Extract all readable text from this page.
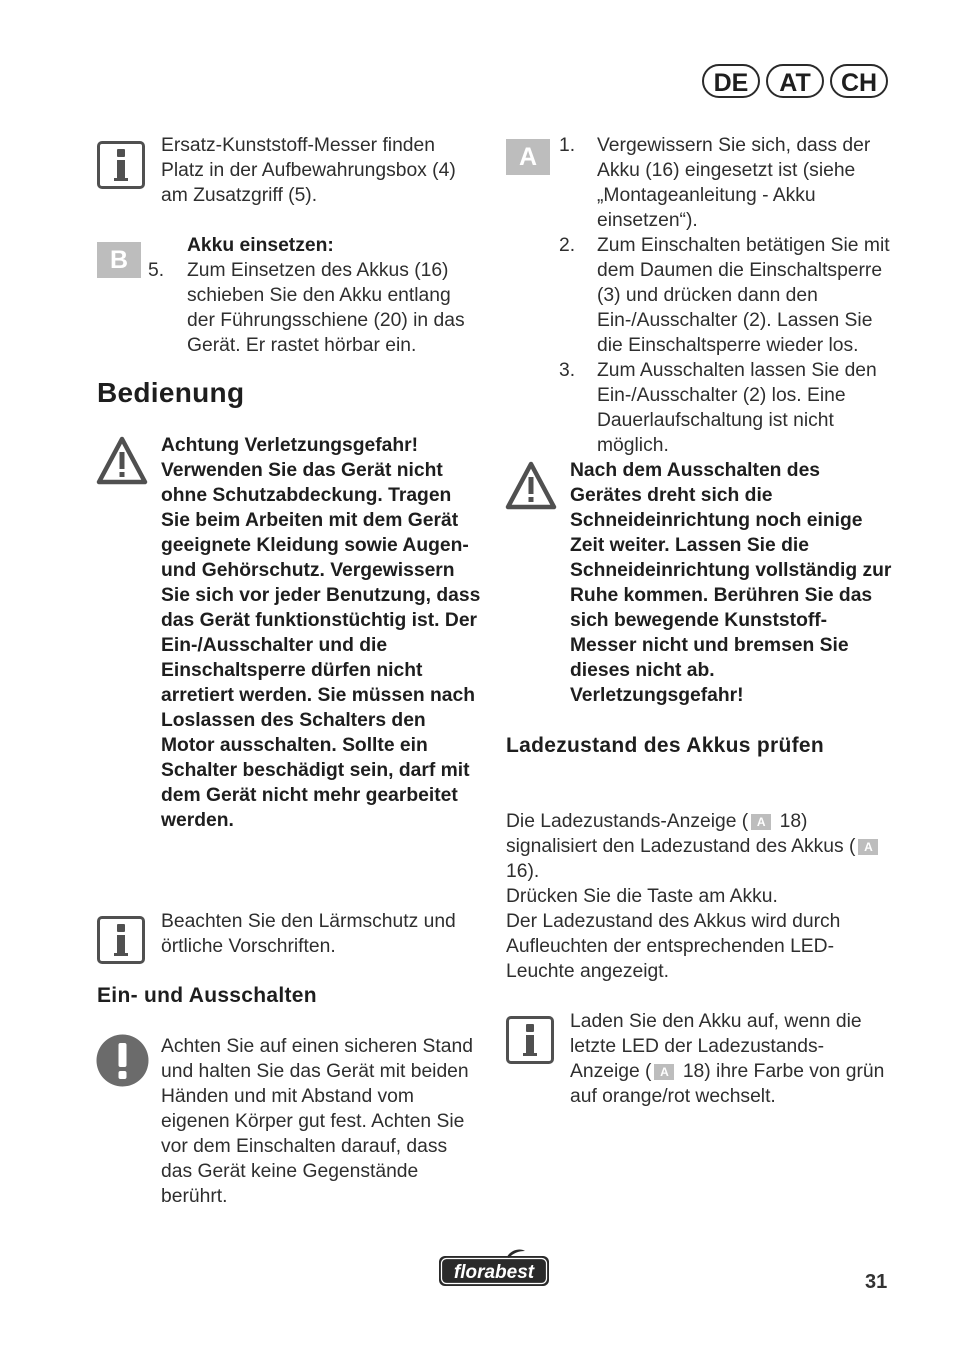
DE	AT	CH
Ersatz-Kunststoff-Messer finden Platz in der Aufbewahrungsbox (4) am Zusatzgriff (5).
B
Akku einsetzen:
5. Zum Einsetzen des Akkus (16) schieben Sie den Akku entlang der Führungsschiene (20) in das Gerät. Er rastet hörbar ein.
Bedienung
Achtung Verletzungsgefahr! Verwenden Sie das Gerät nicht ohne Schutzabdeckung. Tragen Sie beim Arbeiten mit dem Gerät geeignete Kleidung sowie Augen- und Gehörschutz. Vergewissern Sie sich vor jeder Benutzung, dass das Gerät funktionstüchtig ist. Der Ein-/Ausschalter und die Einschaltsperre dürfen nicht arretiert werden. Sie müssen nach Loslassen des Schalters den Motor ausschalten. Sollte ein Schalter beschädigt sein, darf mit dem Gerät nicht mehr gearbeitet werden.
Beachten Sie den Lärmschutz und örtliche Vorschriften.
Ein- und Ausschalten
Achten Sie auf einen sicheren Stand und halten Sie das Gerät mit beiden Händen und mit Abstand vom eigenen Körper gut fest. Achten Sie vor dem Einschalten darauf, dass das Gerät keine Gegenstände berührt.
A	1. Vergewissern Sie sich, dass der Akku (16) eingesetzt ist (siehe „Montageanleitung - Akku einsetzen“).
2. Zum Einschalten betätigen Sie mit dem Daumen die Einschaltsperre (3) und drücken dann den Ein-/Ausschalter (2). Lassen Sie die Einschaltsperre wieder los.
3. Zum Ausschalten lassen Sie den Ein-/Ausschalter (2) los. Eine Dauerlaufschaltung ist nicht möglich.
Nach dem Ausschalten des Gerätes dreht sich die Schneideinrichtung noch einige Zeit weiter. Lassen Sie die Schneideinrichtung vollständig zur Ruhe kommen. Berühren Sie das sich bewegende Kunststoff-Messer nicht und bremsen Sie dieses nicht ab. Verletzungsgefahr!
Ladezustand des Akkus prüfen
Die Ladezustands-Anzeige ( A 18) signalisiert den Ladezustand des Akkus ( A 16).
Drücken Sie die Taste am Akku.
Der Ladezustand des Akkus wird durch Aufleuchten der entsprechenden LED-Leuchte angezeigt.
Laden Sie den Akku auf, wenn die letzte LED der Ladezustands-Anzeige ( A 18) ihre Farbe von grün auf orange/rot wechselt.
florabest	31
